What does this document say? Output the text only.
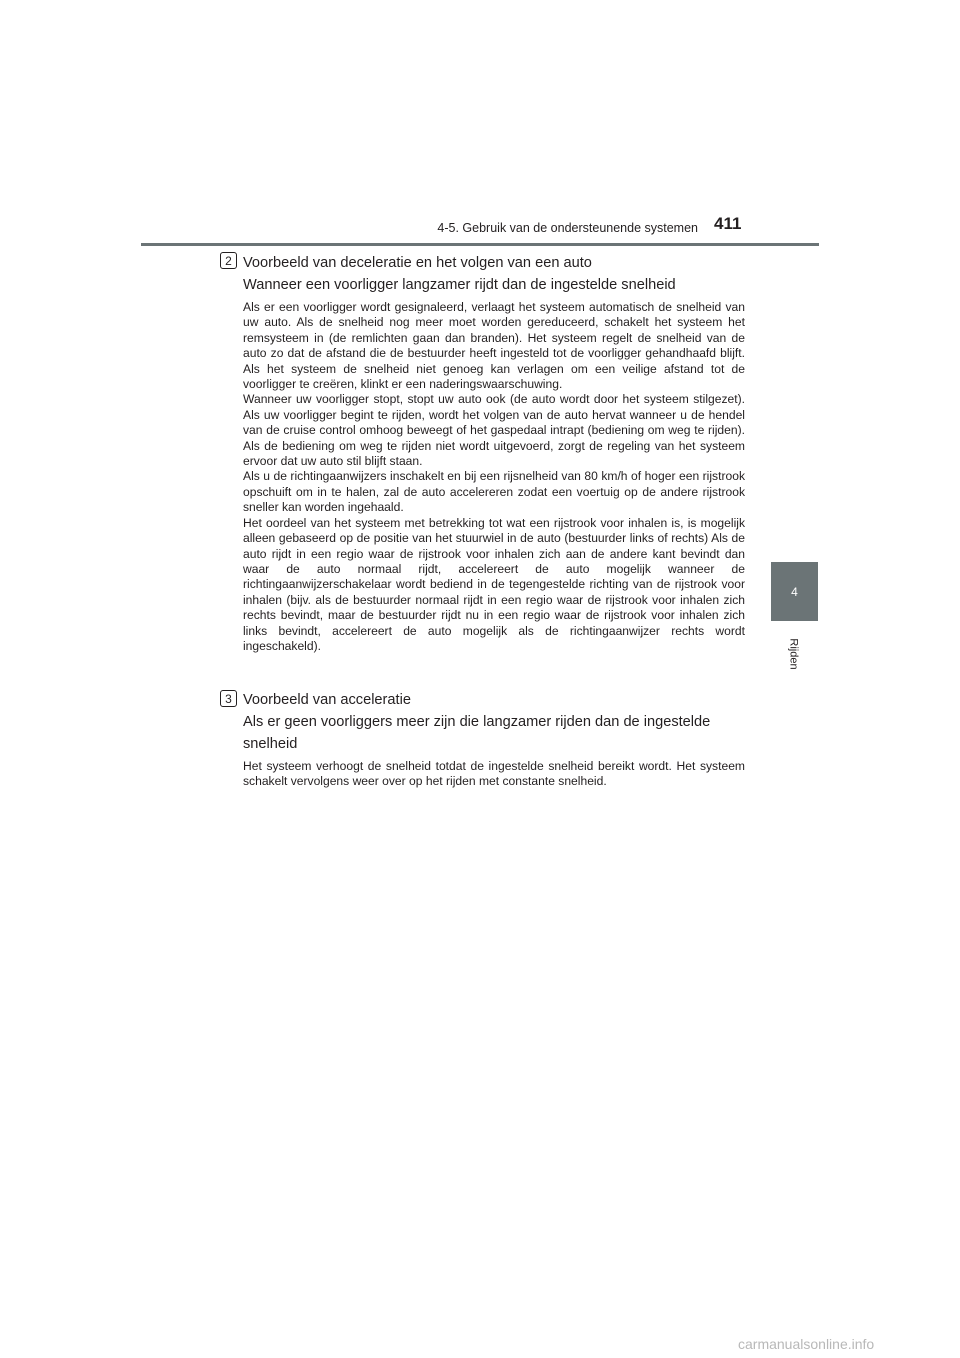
4-5. Gebruik van de ondersteunende systemen 411
4
Rijden
2 Voorbeeld van deceleratie en het volgen van een auto
Wanneer een voorligger langzamer rijdt dan de ingestelde snelheid

Als er een voorligger wordt gesignaleerd, verlaagt het systeem automatisch de snelheid van uw auto. Als de snelheid nog meer moet worden gereduceerd, schakelt het systeem het remsysteem in (de remlichten gaan dan branden). Het systeem regelt de snelheid van de auto zo dat de afstand die de bestuurder heeft ingesteld tot de voorligger gehandhaafd blijft. Als het systeem de snelheid niet genoeg kan verlagen om een veilige afstand tot de voorligger te creëren, klinkt er een naderingswaarschuwing.

Wanneer uw voorligger stopt, stopt uw auto ook (de auto wordt door het systeem stilgezet). Als uw voorligger begint te rijden, wordt het volgen van de auto hervat wanneer u de hendel van de cruise control omhoog beweegt of het gaspedaal intrapt (bediening om weg te rijden). Als de bediening om weg te rijden niet wordt uitgevoerd, zorgt de regeling van het systeem ervoor dat uw auto stil blijft staan.

Als u de richtingaanwijzers inschakelt en bij een rijsnelheid van 80 km/h of hoger een rijstrook opschuift om in te halen, zal de auto accelereren zodat een voertuig op de andere rijstrook sneller kan worden ingehaald.

Het oordeel van het systeem met betrekking tot wat een rijstrook voor inhalen is, is mogelijk alleen gebaseerd op de positie van het stuurwiel in de auto (bestuurder links of rechts) Als de auto rijdt in een regio waar de rijstrook voor inhalen zich aan de andere kant bevindt dan waar de auto normaal rijdt, accelereert de auto mogelijk wanneer de richtingaanwijzerschakelaar wordt bediend in de tegengestelde richting van de rijstrook voor inhalen (bijv. als de bestuurder normaal rijdt in een regio waar de rijstrook voor inhalen zich rechts bevindt, maar de bestuurder rijdt nu in een regio waar de rijstrook voor inhalen zich links bevindt, accelereert de auto mogelijk als de richtingaanwijzer rechts wordt ingeschakeld).

3 Voorbeeld van acceleratie
Als er geen voorliggers meer zijn die langzamer rijden dan de ingestelde snelheid

Het systeem verhoogt de snelheid totdat de ingestelde snelheid bereikt wordt. Het systeem schakelt vervolgens weer over op het rijden met constante snelheid.

carmanualsonline.info
